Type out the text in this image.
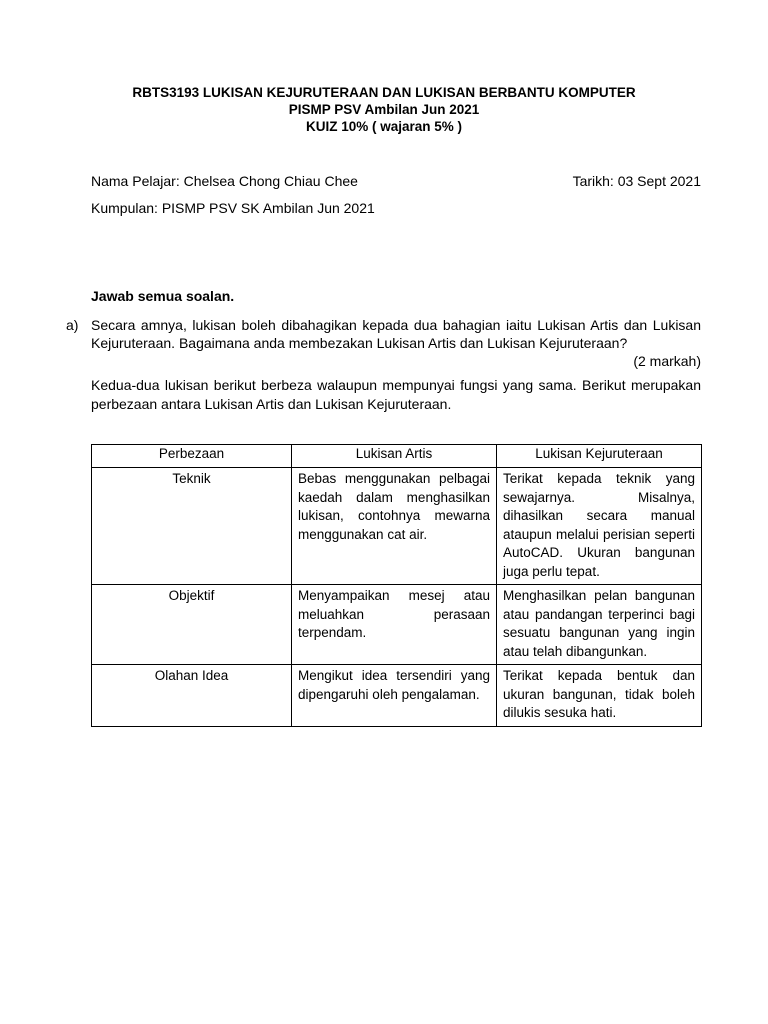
RBTS3193 LUKISAN KEJURUTERAAN DAN LUKISAN BERBANTU KOMPUTER
PISMP PSV Ambilan Jun 2021
KUIZ 10% ( wajaran 5% )
Nama Pelajar: Chelsea Chong Chiau Chee	Tarikh: 03 Sept 2021
Kumpulan: PISMP PSV SK Ambilan Jun 2021
Jawab semua soalan.
a) Secara amnya, lukisan boleh dibahagikan kepada dua bahagian iaitu Lukisan Artis dan Lukisan Kejuruteraan. Bagaimana anda membezakan Lukisan Artis dan Lukisan Kejuruteraan?
(2 markah)
Kedua-dua lukisan berikut berbeza walaupun mempunyai fungsi yang sama. Berikut merupakan perbezaan antara Lukisan Artis dan Lukisan Kejuruteraan.
Perbezaan	Lukisan Artis	Lukisan Kejuruteraan
Teknik	Bebas menggunakan pelbagai kaedah dalam menghasilkan lukisan, contohnya mewarna menggunakan cat air.	Terikat kepada teknik yang sewajarnya. Misalnya, dihasilkan secara manual ataupun melalui perisian seperti AutoCAD. Ukuran bangunan juga perlu tepat.
Objektif	Menyampaikan mesej atau meluahkan perasaan terpendam.	Menghasilkan pelan bangunan atau pandangan terperinci bagi sesuatu bangunan yang ingin atau telah dibangunkan.
Olahan Idea	Mengikut idea tersendiri yang dipengaruhi oleh pengalaman.	Terikat kepada bentuk dan ukuran bangunan, tidak boleh dilukis sesuka hati.
